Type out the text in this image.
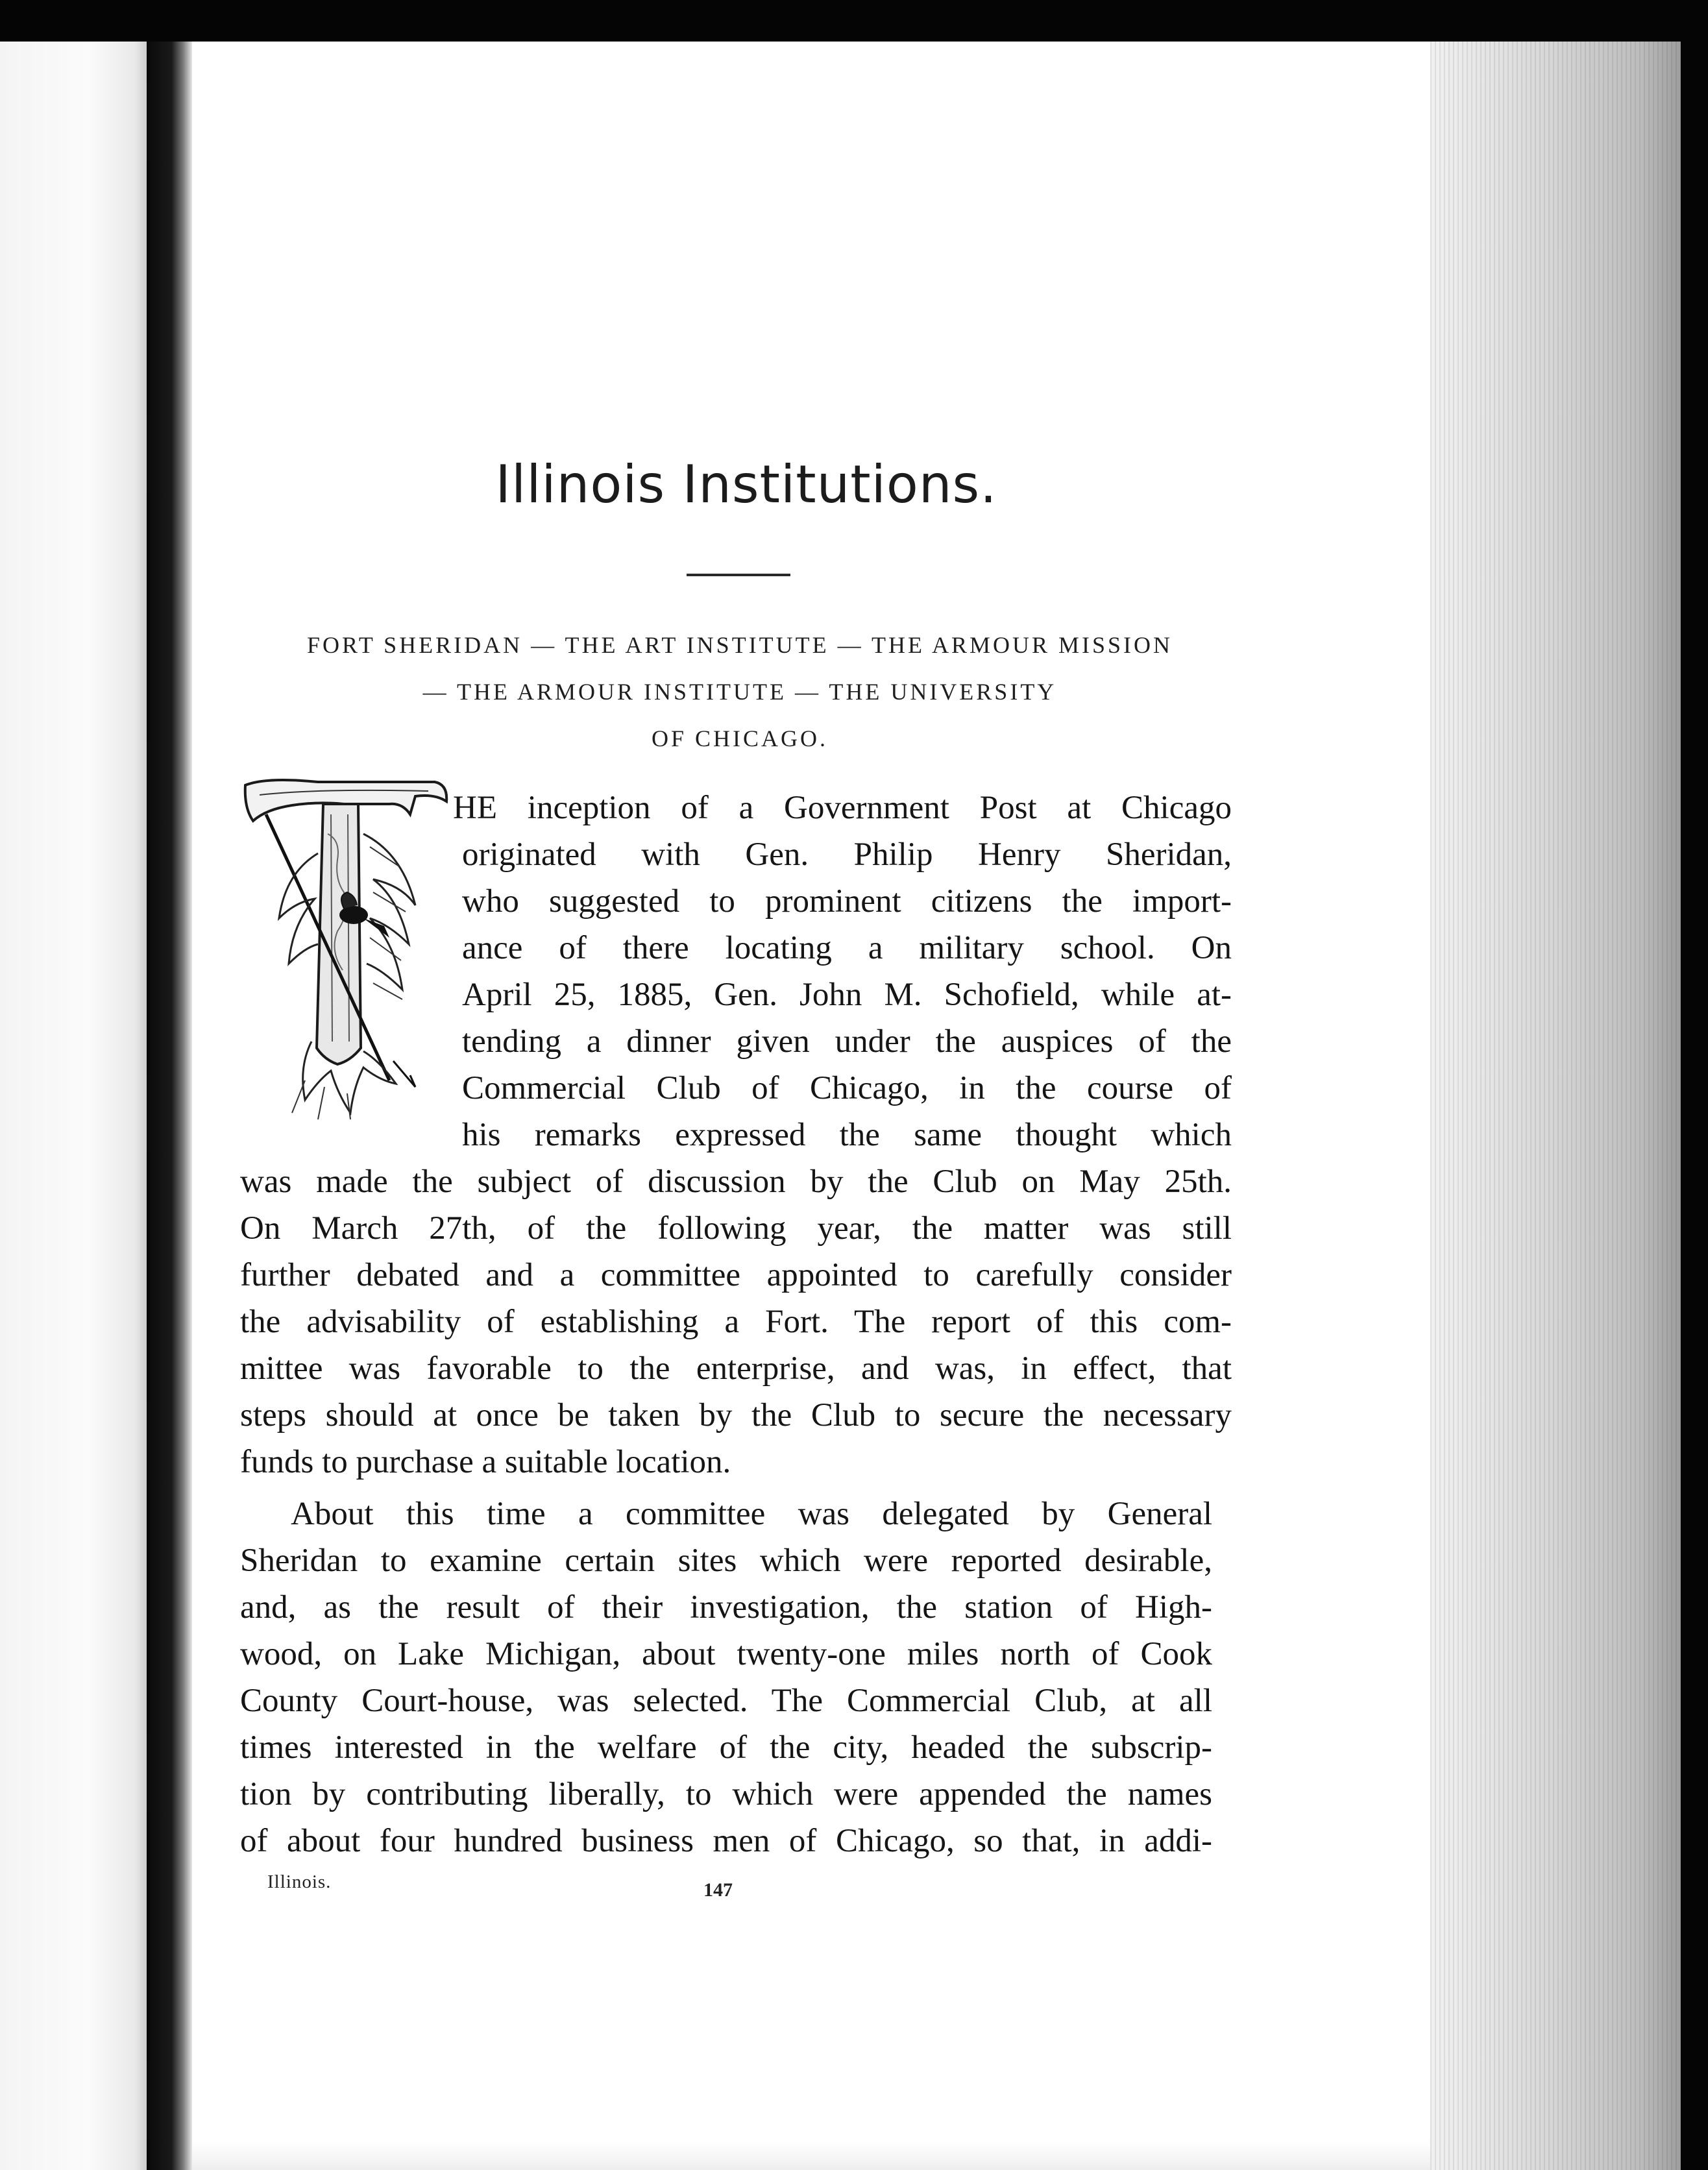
Illinois Institutions.
FORT SHERIDAN — THE ART INSTITUTE — THE ARMOUR MISSION
— THE ARMOUR INSTITUTE — THE UNIVERSITY
OF CHICAGO.
HE inception of a Government Post at Chicago
originated with Gen. Philip Henry Sheridan,
who suggested to prominent citizens the import-
ance of there locating a military school. On
April 25, 1885, Gen. John M. Schofield, while at-
tending a dinner given under the auspices of the
Commercial Club of Chicago, in the course of
his remarks expressed the same thought which
was made the subject of discussion by the Club on May 25th.
On March 27th, of the following year, the matter was still
further debated and a committee appointed to carefully consider
the advisability of establishing a Fort. The report of this com-
mittee was favorable to the enterprise, and was, in effect, that
steps should at once be taken by the Club to secure the necessary
funds to purchase a suitable location.
About this time a committee was delegated by General
Sheridan to examine certain sites which were reported desirable,
and, as the result of their investigation, the station of High-
wood, on Lake Michigan, about twenty-one miles north of Cook
County Court-house, was selected. The Commercial Club, at all
times interested in the welfare of the city, headed the subscrip-
tion by contributing liberally, to which were appended the names
of about four hundred business men of Chicago, so that, in addi-
Illinois.	147
